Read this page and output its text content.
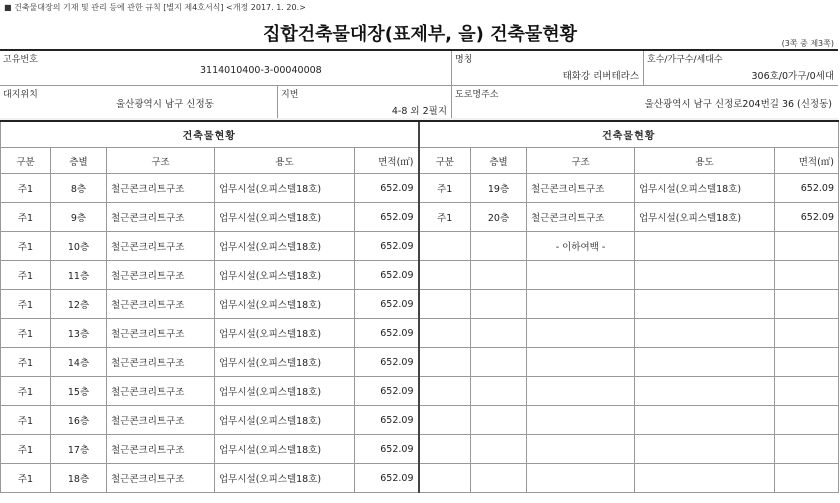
■ 건축물대장의 기재 및 관리 등에 관한 규칙 [별지 제4호서식] <개정 2017. 1. 20.>
집합건축물대장(표제부, 을) 건축물현황	(3쪽 중 제3쪽)
고유번호
3114010400-3-00040008
명칭
태화강 리버테라스
호수/가구수/세대수
306호/0가구/0세대
대지위치
울산광역시 남구 신정동
지번
4-8 외 2필지
도로명주소
울산광역시 남구 신정로204번길 36 (신정동)
건축물현황					건축물현황				
구분	층별	구조	용도	면적(㎡)	구분	층별	구조	용도	면적(㎡)
주1	8층	철근콘크리트구조	업무시설(오피스텔18호)	652.09	주1	19층	철근콘크리트구조	업무시설(오피스텔18호)	652.09
주1	9층	철근콘크리트구조	업무시설(오피스텔18호)	652.09	주1	20층	철근콘크리트구조	업무시설(오피스텔18호)	652.09
주1	10층	철근콘크리트구조	업무시설(오피스텔18호)	652.09			- 이하여백 -		
주1	11층	철근콘크리트구조	업무시설(오피스텔18호)	652.09					
주1	12층	철근콘크리트구조	업무시설(오피스텔18호)	652.09					
주1	13층	철근콘크리트구조	업무시설(오피스텔18호)	652.09					
주1	14층	철근콘크리트구조	업무시설(오피스텔18호)	652.09					
주1	15층	철근콘크리트구조	업무시설(오피스텔18호)	652.09					
주1	16층	철근콘크리트구조	업무시설(오피스텔18호)	652.09					
주1	17층	철근콘크리트구조	업무시설(오피스텔18호)	652.09					
주1	18층	철근콘크리트구조	업무시설(오피스텔18호)	652.09					
